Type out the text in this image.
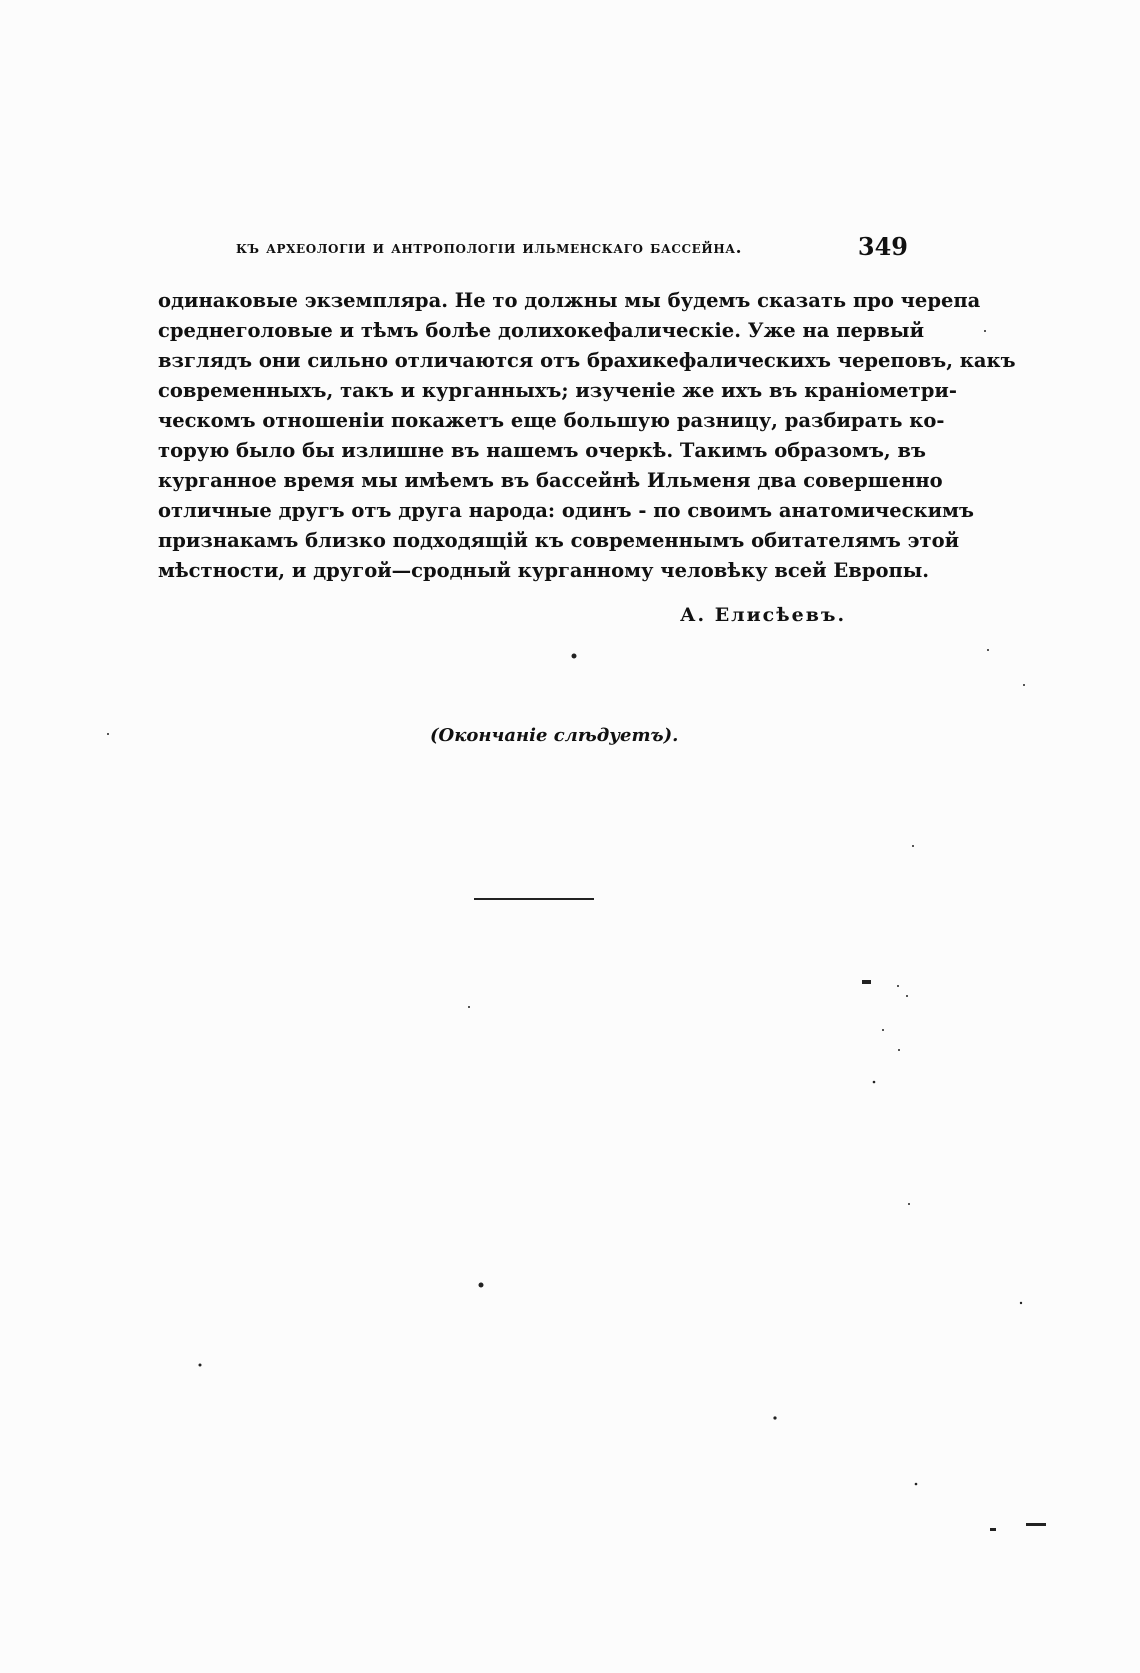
къ археологіи и антропологіи ильменскаго бассейна.	349
одинаковые экземпляра. Не то должны мы будемъ сказать про черепа
среднеголовые и тѣмъ болѣе долихокефалическіе. Уже на первый
взглядъ они сильно отличаются отъ брахикефалическихъ череповъ, какъ
современныхъ, такъ и курганныхъ; изученіе же ихъ въ краніометри-
ческомъ отношеніи покажетъ еще большую разницу, разбирать ко-
торую было бы излишне въ нашемъ очеркѣ. Такимъ образомъ, въ
курганное время мы имѣемъ въ бассейнѣ Ильменя два совершенно
отличные другъ отъ друга народа: одинъ - по своимъ анатомическимъ
признакамъ близко подходящій къ современнымъ обитателямъ этой
мѣстности, и другой—сродный курганному человѣку всей Европы.
А. Елисѣевъ.
(Окончаніе слѣдуетъ).
